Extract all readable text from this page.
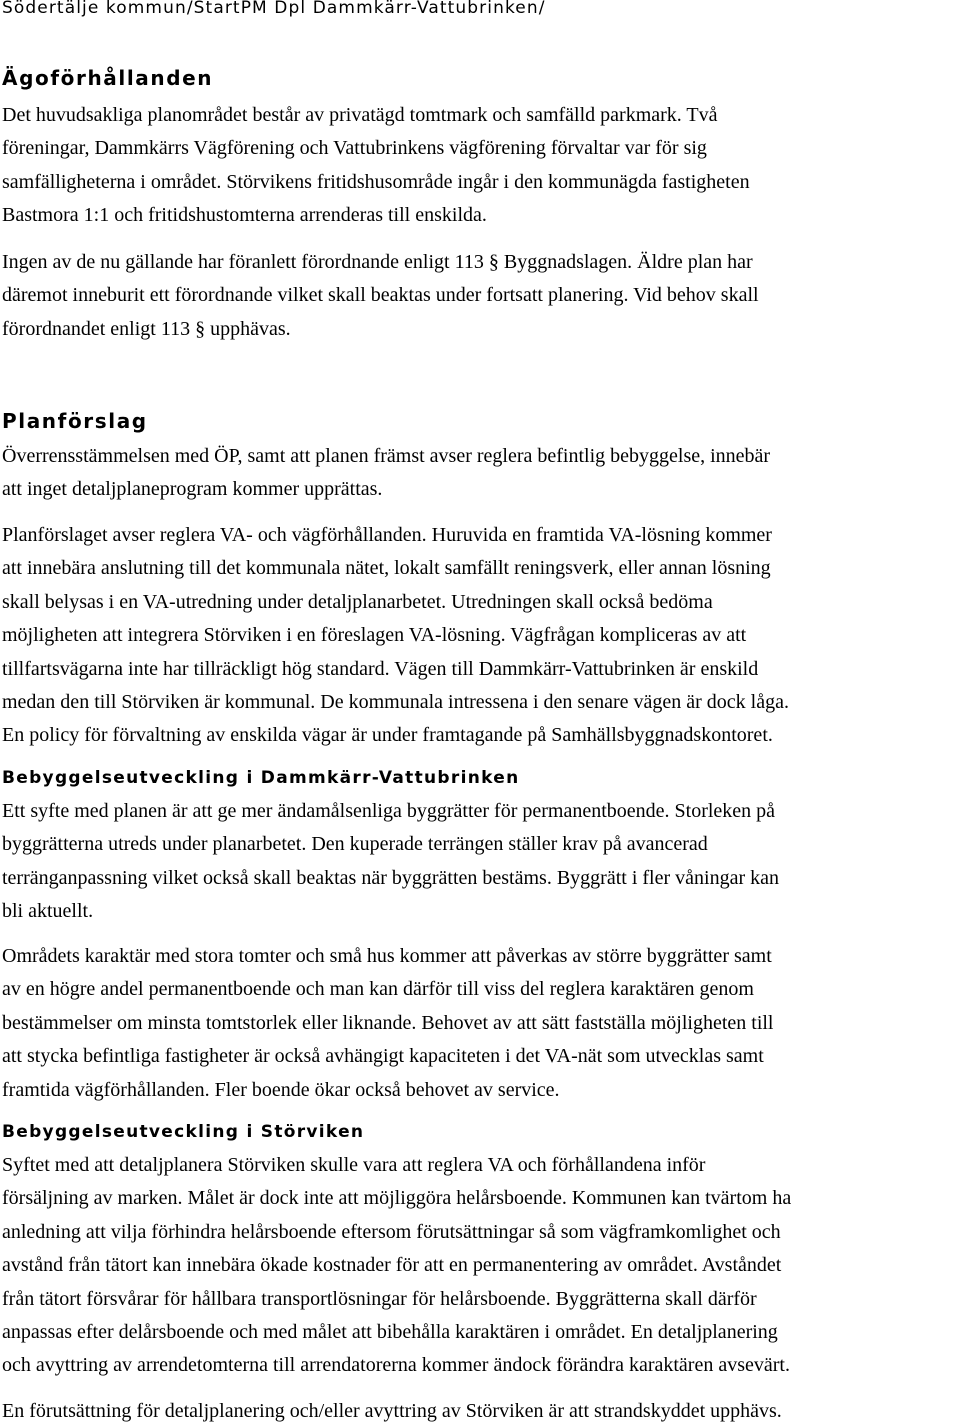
Södertälje kommun/StartPM Dpl Dammkärr-Vattubrinken/
Ägoförhållanden

Det huvudsakliga planområdet består av privatägd tomtmark och samfälld parkmark. Två
föreningar, Dammkärrs Vägförening och Vattubrinkens vägförening förvaltar var för sig
samfälligheterna i området. Störvikens fritidshusområde ingår i den kommunägda fastigheten
Bastmora 1:1 och fritidshustomterna arrenderas till enskilda.

Ingen av de nu gällande har föranlett förordnande enligt 113 § Byggnadslagen. Äldre plan har
däremot inneburit ett förordnande vilket skall beaktas under fortsatt planering. Vid behov skall
förordnandet enligt 113 § upphävas.

Planförslag

Överrensstämmelsen med ÖP, samt att planen främst avser reglera befintlig bebyggelse, innebär
att inget detaljplaneprogram kommer upprättas.

Planförslaget avser reglera VA- och vägförhållanden. Huruvida en framtida VA-lösning kommer
att innebära anslutning till det kommunala nätet, lokalt samfällt reningsverk, eller annan lösning
skall belysas i en VA-utredning under detaljplanarbetet. Utredningen skall också bedöma
möjligheten att integrera Störviken i en föreslagen VA-lösning. Vägfrågan kompliceras av att
tillfartsvägarna inte har tillräckligt hög standard. Vägen till Dammkärr-Vattubrinken är enskild
medan den till Störviken är kommunal. De kommunala intressena i den senare vägen är dock låga.
En policy för förvaltning av enskilda vägar är under framtagande på Samhällsbyggnadskontoret.

Bebyggelseutveckling i Dammkärr-Vattubrinken

Ett syfte med planen är att ge mer ändamålsenliga byggrätter för permanentboende. Storleken på
byggrätterna utreds under planarbetet. Den kuperade terrängen ställer krav på avancerad
terränganpassning vilket också skall beaktas när byggrätten bestäms. Byggrätt i fler våningar kan
bli aktuellt.

Områdets karaktär med stora tomter och små hus kommer att påverkas av större byggrätter samt
av en högre andel permanentboende och man kan därför till viss del reglera karaktären genom
bestämmelser om minsta tomtstorlek eller liknande. Behovet av att sätt fastställa möjligheten till
att stycka befintliga fastigheter är också avhängigt kapaciteten i det VA-nät som utvecklas samt
framtida vägförhållanden. Fler boende ökar också behovet av service.

Bebyggelseutveckling i Störviken

Syftet med att detaljplanera Störviken skulle vara att reglera VA och förhållandena inför
försäljning av marken. Målet är dock inte att möjliggöra helårsboende. Kommunen kan tvärtom ha
anledning att vilja förhindra helårsboende eftersom förutsättningar så som vägframkomlighet och
avstånd från tätort kan innebära ökade kostnader för att en permanentering av området. Avståndet
från tätort försvårar för hållbara transportlösningar för helårsboende. Byggrätterna skall därför
anpassas efter delårsboende och med målet att bibehålla karaktären i området. En detaljplanering
och avyttring av arrendetomterna till arrendatorerna kommer ändock förändra karaktären avsevärt.

En förutsättning för detaljplanering och/eller avyttring av Störviken är att strandskyddet upphävs.
